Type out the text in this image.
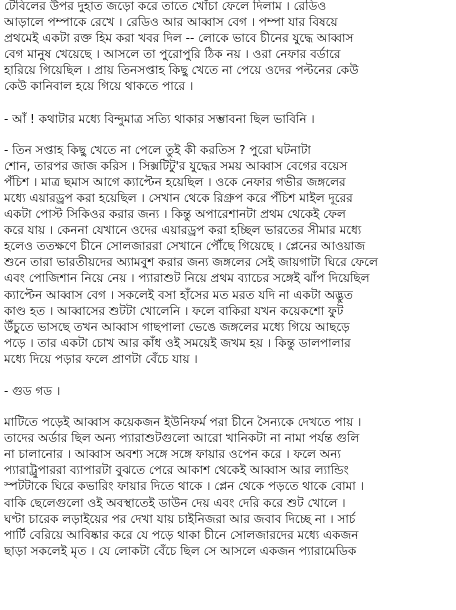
টেবিলের উপর দুহাত জড়ো করে তাতে খোঁচা ফেলে দিলাম । রেডিও
আড়ালে পম্পাকে রেখে । রেডিও আর আব্বাস বেগ । পম্পা যার বিষয়ে
প্রথমেই একটা রক্ত হিম করা খবর দিল -- লোকে ভাবে চীনের যুদ্ধে আব্বাস
বেগ মানুষ খেয়েছে । আসলে তা পুরোপুরি ঠিক নয় । ওরা নেফার বর্ডারে
হারিয়ে গিয়েছিল । প্রায় তিনসপ্তাহ কিছু খেতে না পেয়ে ওদের পল্টনের কেউ
কেউ কানিবাল হয়ে গিয়ে থাকতে পারে ।
- আঁ ! কথাটার মধ্যে বিন্দুমাত্র সত্যি থাকার সম্ভাবনা ছিল ভাবিনি ।
- তিন সপ্তাহ কিছু খেতে না পেলে তুই কী করতিস ? পুরো ঘটনাটা
শোন, তারপর জাজ করিস । সিক্সটিটু'র যুদ্ধের সময় আব্বাস বেগের বয়েস
পঁচিশ । মাত্র ছমাস আগে ক্যাপ্টেন হয়েছিল । ওকে নেফার গভীর জঙ্গলের
মধ্যে এয়ারড্রপ করা হয়েছিল । সেখান থেকে রিগ্রুপ করে পঁচিশ মাইল দূরের
একটা পোস্ট সিকিওর করার জন্য । কিন্তু অপারেশানটা প্রথম থেকেই ফেল
করে যায় । কেননা যেখানে ওদের এয়ারড্রপ করা হচ্ছিল ভারতের সীমার মধ্যে
হলেও ততক্ষণে চীনে সোলজাররা সেখানে পৌঁছে গিয়েছে । প্লেনের আওয়াজ
শুনে তারা ভারতীয়দের অ্যামবুশ করার জন্য জঙ্গলের সেই জায়গাটা ঘিরে ফেলে
এবং পোজিশান নিয়ে নেয় । প্যারাশুট নিয়ে প্রথম ব্যাচের সঙ্গেই ঝাঁপ দিয়েছিল
ক্যাপ্টেন আব্বাস বেগ । সকলেই বসা হাঁসের মত মরত যদি না একটা অদ্ভুত
কাণ্ড হত । আব্বাসের শুটটা খোলেনি । ফলে বাকিরা যখন কয়েকশো ফুট
উঁচুতে ভাসছে তখন আব্বাস গাছপালা ভেঙে জঙ্গলের মধ্যে গিয়ে আছড়ে
পড়ে । তার একটা চোখ আর কাঁধ ওই সময়েই জখম হয় । কিন্তু ডালপালার
মধ্যে দিয়ে পড়ার ফলে প্রাণটা বেঁচে যায় ।
- গুড গড ।
মাটিতে পড়েই আব্বাস কয়েকজন ইউনিফর্ম পরা চীনে সৈন্যকে দেখতে পায় ।
তাদের অর্ডার ছিল অন্য প্যারাশুটগুলো আরো খানিকটা না নামা পর্যন্ত গুলি
না চালানোর । আব্বাস অবশ্য সঙ্গে সঙ্গে ফায়ার ওপেন করে । ফলে অন্য
প্যারাট্রুপাররা ব্যাপারটা বুঝতে পেরে আকাশ থেকেই আব্বাস আর ল্যান্ডিং
স্পটটাকে ঘিরে কভারিং ফায়ার দিতে থাকে । প্লেন থেকে পড়তে থাকে বোমা ।
বাকি ছেলেগুলো ওই অবস্থাতেই ডাউন দেয় এবং দেরি করে শুট খোলে ।
ঘণ্টা চারেক লড়াইয়ের পর দেখা যায় চাইনিজরা আর জবাব দিচ্ছে না । সার্চ
পার্টি বেরিয়ে আবিষ্কার করে যে পড়ে থাকা চীনে সোলজারদের মধ্যে একজন
ছাড়া সকলেই মৃত । যে লোকটা বেঁচে ছিল সে আসলে একজন প্যারামেডিক
